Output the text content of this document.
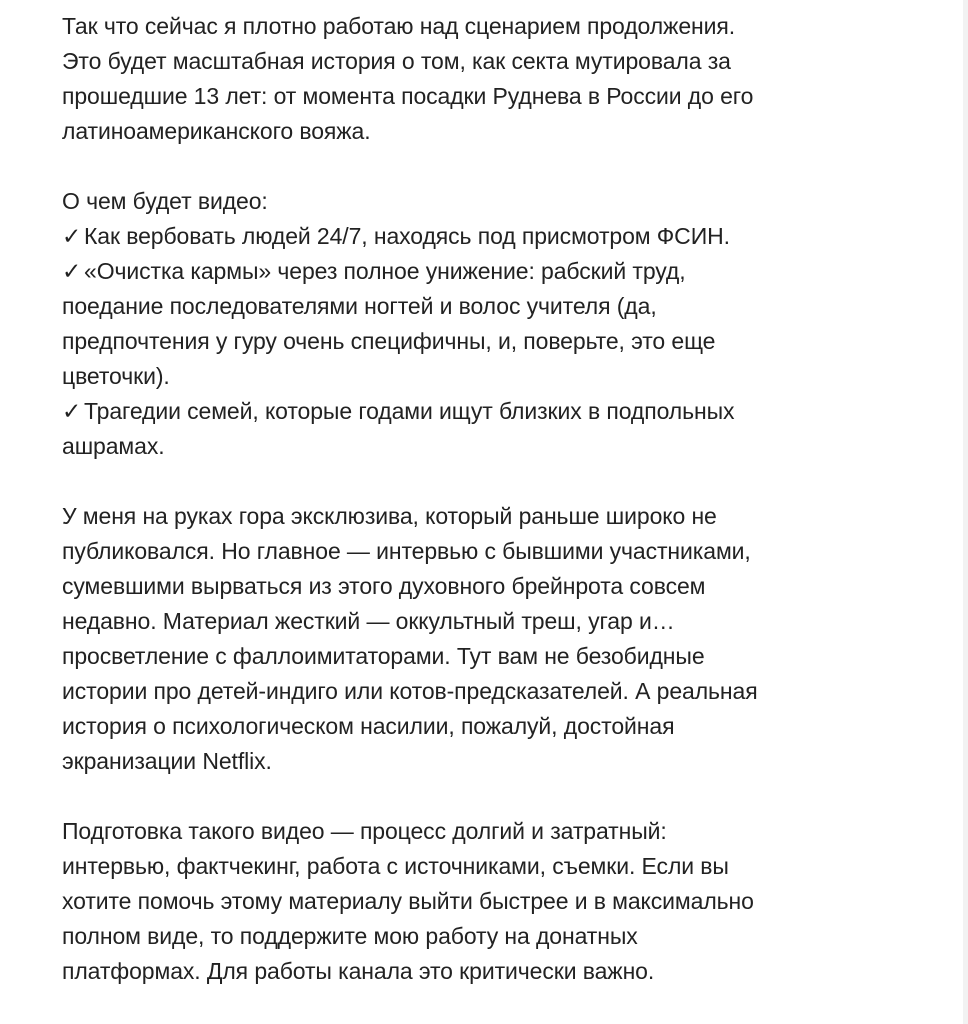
Так что сейчас я плотно работаю над сценарием продолжения.
Это будет масштабная история о том, как секта мутировала за
прошедшие 13 лет: от момента посадки Руднева в России до его
латиноамериканского вояжа.
О чем будет видео:
✓ Как вербовать людей 24/7, находясь под присмотром ФСИН.
✓ «Очистка кармы» через полное унижение: рабский труд,
поедание последователями ногтей и волос учителя (да,
предпочтения у гуру очень специфичны, и, поверьте, это еще
цветочки).
✓ Трагедии семей, которые годами ищут близких в подпольных
ашрамах.
У меня на руках гора эксклюзива, который раньше широко не
публиковался. Но главное — интервью с бывшими участниками,
сумевшими вырваться из этого духовного брейнрота совсем
недавно. Материал жесткий — оккультный треш, угар и…
просветление с фаллоимитаторами. Тут вам не безобидные
истории про детей-индиго или котов-предсказателей. А реальная
история о психологическом насилии, пожалуй, достойная
экранизации Netflix.
Подготовка такого видео — процесс долгий и затратный:
интервью, фактчекинг, работа с источниками, съемки. Если вы
хотите помочь этому материалу выйти быстрее и в максимально
полном виде, то поддержите мою работу на донатных
платформах. Для работы канала это критически важно.
